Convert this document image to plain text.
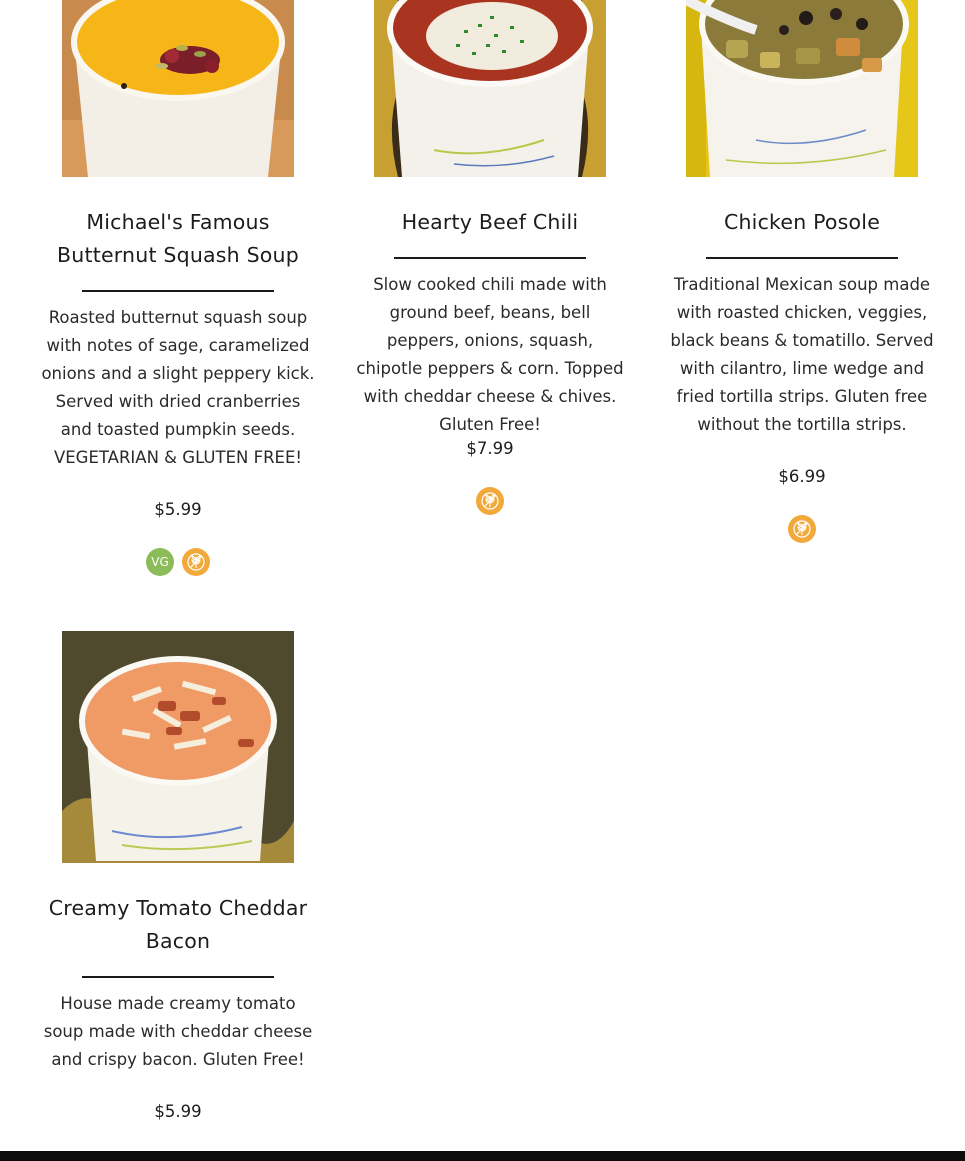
Michael's Famous Butternut Squash Soup
Roasted butternut squash soup with notes of sage, caramelized onions and a slight peppery kick. Served with dried cranberries and toasted pumpkin seeds. VEGETARIAN & GLUTEN FREE!
$5.99
VG
Hearty Beef Chili
Slow cooked chili made with ground beef, beans, bell peppers, onions, squash, chipotle peppers & corn. Topped with cheddar cheese & chives. Gluten Free!
$7.99
Chicken Posole
Traditional Mexican soup made with roasted chicken, veggies, black beans & tomatillo. Served with cilantro, lime wedge and fried tortilla strips. Gluten free without the tortilla strips.
$6.99
Creamy Tomato Cheddar Bacon
House made creamy tomato soup made with cheddar cheese and crispy bacon. Gluten Free!
$5.99
